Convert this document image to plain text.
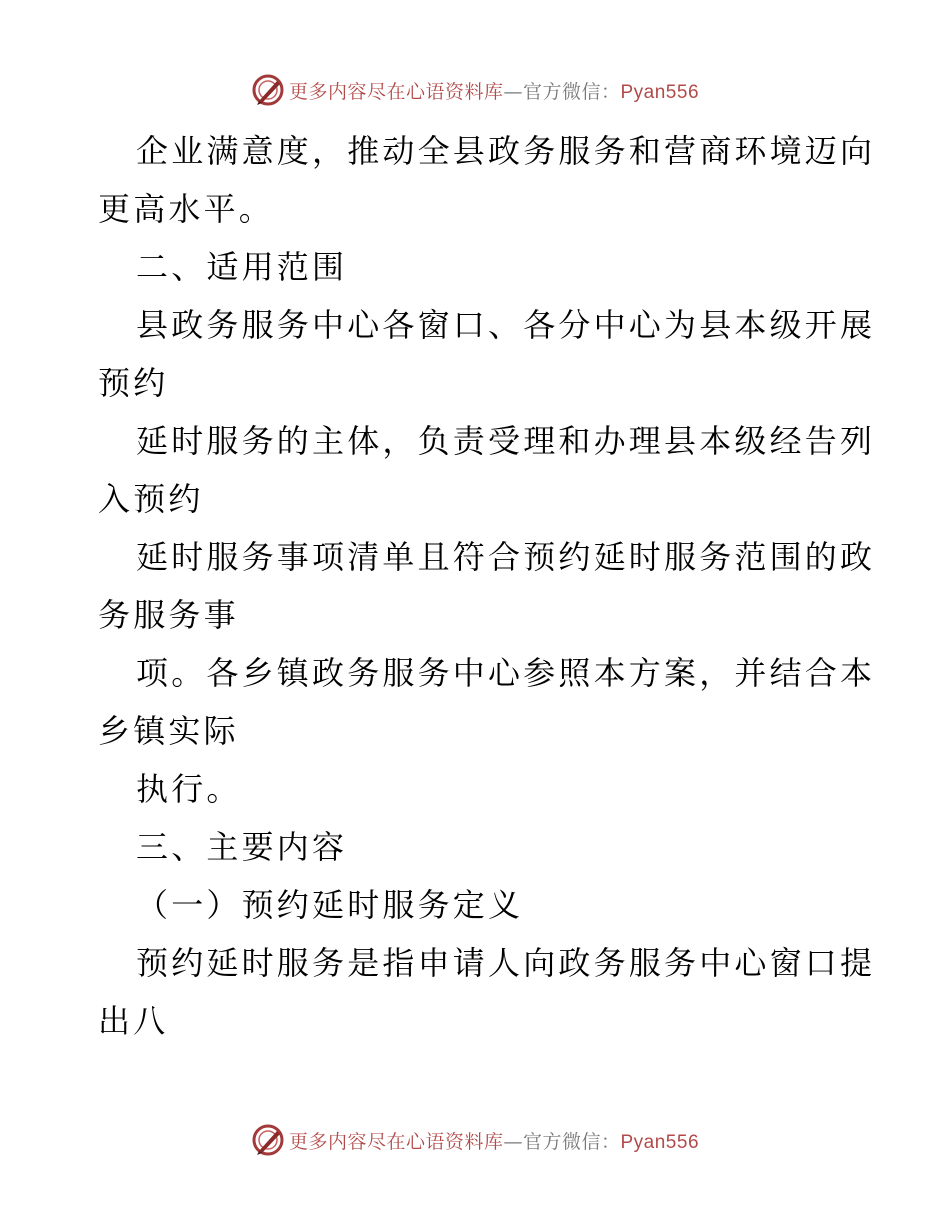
更多内容尽在心语资料库—官方微信：Pyan556
企业满意度，推动全县政务服务和营商环境迈向
更高水平。
二、适用范围
县政务服务中心各窗口、各分中心为县本级开展
预约
延时服务的主体，负责受理和办理县本级经告列
入预约
延时服务事项清单且符合预约延时服务范围的政
务服务事
项。各乡镇政务服务中心参照本方案，并结合本
乡镇实际
执行。
三、主要内容
（一）预约延时服务定义
预约延时服务是指申请人向政务服务中心窗口提
出八
更多内容尽在心语资料库—官方微信：Pyan556
